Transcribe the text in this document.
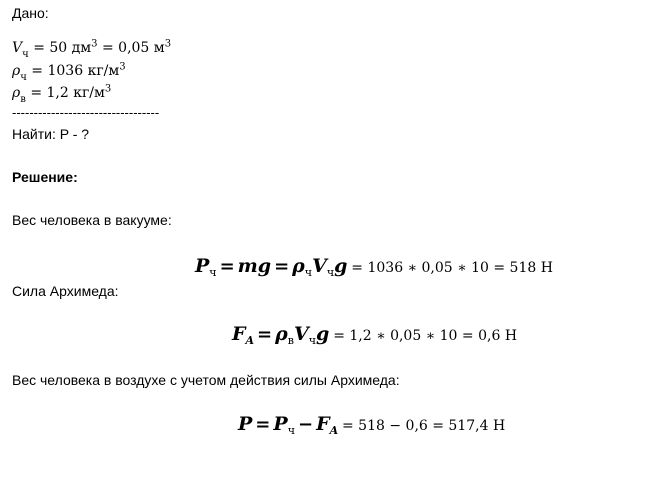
Дано:
$V_ч = 50$ $дм^3 = 0,05$ $м^3$
$\rho_ч = 1036$ $кг/м^3$
$\rho_в = 1,2$ $кг/м^3$
----------------------------------
Найти: P - ?
Решение:
Вес человека в вакууме:
$P_ч$ = mg = $\rho_чV_чg = 1036$ ∗ 0,05 ∗ 10 = 518 Н
Сила Архимеда:
$F_A = \rho_вV_чg = 1,2$ ∗ 0,05 ∗ 10 = 0,6 Н
Вес человека в воздухе с учетом действия силы Архимеда:
$P = P_ч - F_A = 518 - 0,6 = 517,4$ Н
